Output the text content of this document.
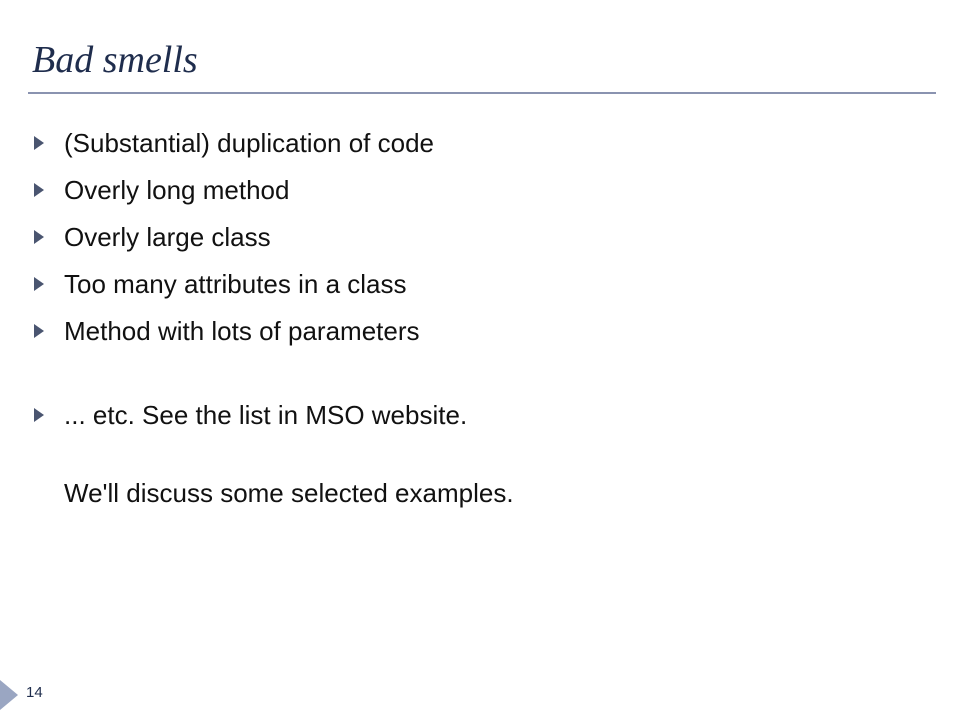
Bad smells
(Substantial) duplication of code
Overly long method
Overly large class
Too many attributes in a class
Method with lots of parameters
... etc. See the list in MSO website.
We'll discuss some selected examples.
14
